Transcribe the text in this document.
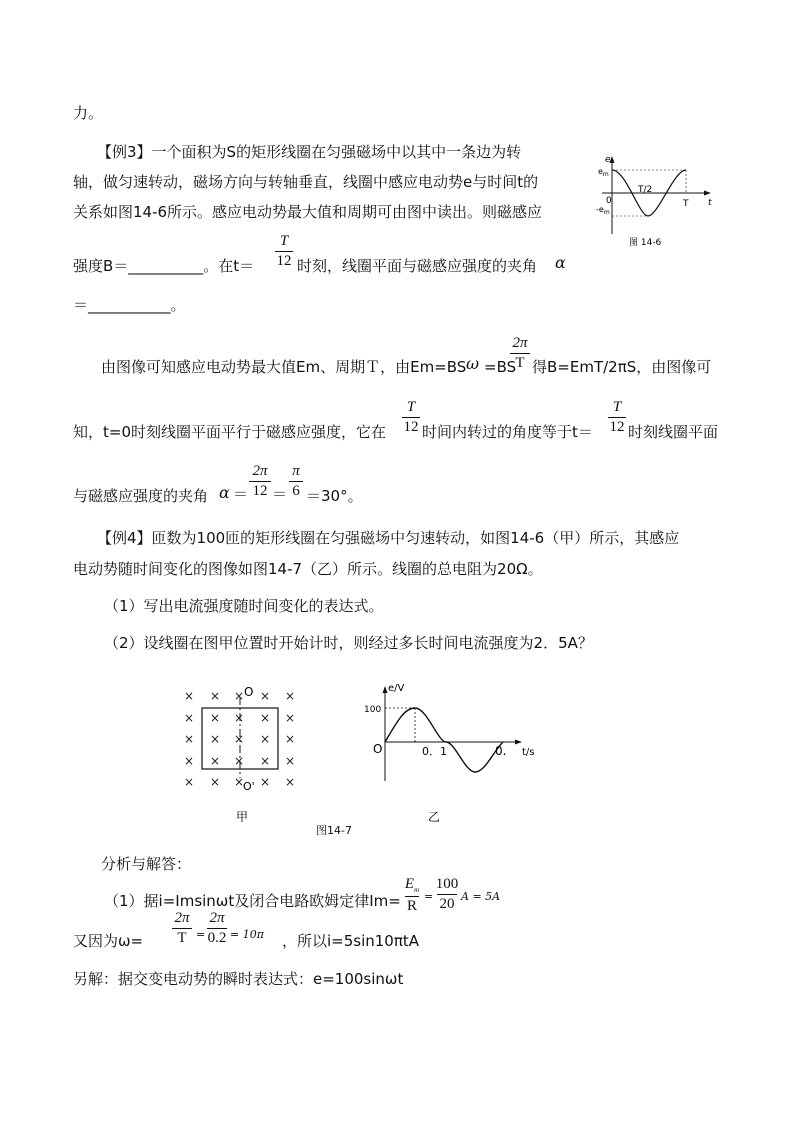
力。
【例3】一个面积为S的矩形线圈在匀强磁场中以其中一条边为转
轴，做匀速转动，磁场方向与转轴垂直，线圈中感应电动势e与时间t的
关系如图14-6所示。感应电动势最大值和周期可由图中读出。则磁感应
强度B＝__________。在t＝
T
12 时刻，线圈平面与磁感应强度的夹角 α
＝___________。
e
$e_m$
$-e_m$
0
T/2
T t
图 14-6
由图像可知感应电动势最大值Em、周期Ｔ，由Em=BS ω =BS
2π
T 得B=EmT/2πS，由图像可
知，t=0时刻线圈平面平行于磁感应强度，它在
T
12 时间内转过的角度等于t＝
T
12 时刻线圈平面
与磁感应强度的夹角 α ＝
2π
12 ＝
π
6 ＝30°。
【例4】匝数为100匝的矩形线圈在匀强磁场中匀速转动，如图14-6（甲）所示，其感应
电动势随时间变化的图像如图14-7（乙）所示。线圈的总电阻为20Ω。
（1）写出电流强度随时间变化的表达式。
（2）设线圈在图甲位置时开始计时，则经过多长时间电流强度为2．5A？
× × × × ×
× × × × ×
× × × × ×
× × × × ×
× × × × ×
O
O'
甲
e/V
100
O	0．1	0. t/s
乙
图14-7
分析与解答：
（1）据i=Imsinωt及闭合电路欧姆定律Im=
$E_m$
R
=
100
20 A = 5A
又因为ω=
2π
T =
2π
0.2 = 10π ，所以i=5sin10πtA
另解：据交变电动势的瞬时表达式：e=100sinωt
